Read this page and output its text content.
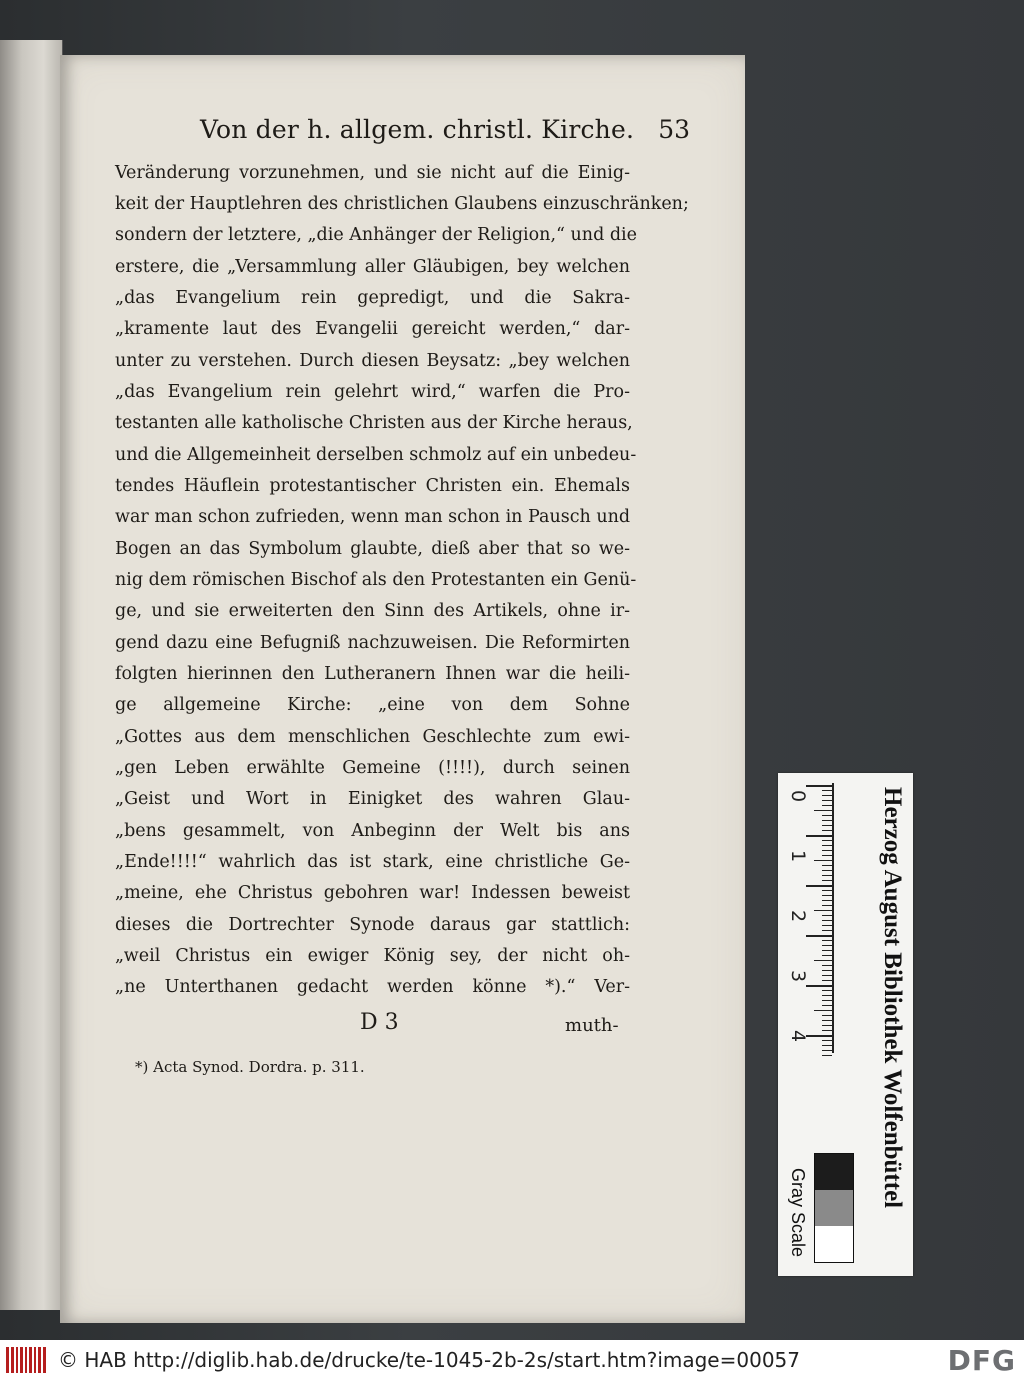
Von der h. allgem. christl. Kirche. 53
Veränderung vorzunehmen, und sie nicht auf die Einig-
keit der Hauptlehren des christlichen Glaubens einzuschränken;
sondern der letztere, „die Anhänger der Religion,“ und die
erstere, die „Versammlung aller Gläubigen, bey welchen
„das Evangelium rein gepredigt, und die Sakra-
„kramente laut des Evangelii gereicht werden,“ dar-
unter zu verstehen. Durch diesen Beysatz: „bey welchen
„das Evangelium rein gelehrt wird,“ warfen die Pro-
testanten alle katholische Christen aus der Kirche heraus,
und die Allgemeinheit derselben schmolz auf ein unbedeu-
tendes Häuflein protestantischer Christen ein. Ehemals
war man schon zufrieden, wenn man schon in Pausch und
Bogen an das Symbolum glaubte, dieß aber that so we-
nig dem römischen Bischof als den Protestanten ein Genü-
ge, und sie erweiterten den Sinn des Artikels, ohne ir-
gend dazu eine Befugniß nachzuweisen. Die Reformirten
folgten hierinnen den Lutheranern Ihnen war die heili-
ge allgemeine Kirche: „eine von dem Sohne
„Gottes aus dem menschlichen Geschlechte zum ewi-
„gen Leben erwählte Gemeine (!!!!), durch seinen
„Geist und Wort in Einigket des wahren Glau-
„bens gesammelt, von Anbeginn der Welt bis ans
„Ende!!!!“ wahrlich das ist stark, eine christliche Ge-
„meine, ehe Christus gebohren war! Indessen beweist
dieses die Dortrechter Synode daraus gar stattlich:
„weil Christus ein ewiger König sey, der nicht oh-
„ne Unterthanen gedacht werden könne *).“ Ver-
D 3	muth-
*) Acta Synod. Dordra. p. 311.
0
1
2
3
4
Gray Scale
Herzog August Bibliothek Wolfenbüttel
© HAB http://diglib.hab.de/drucke/te-1045-2b-2s/start.htm?image=00057	DFG
